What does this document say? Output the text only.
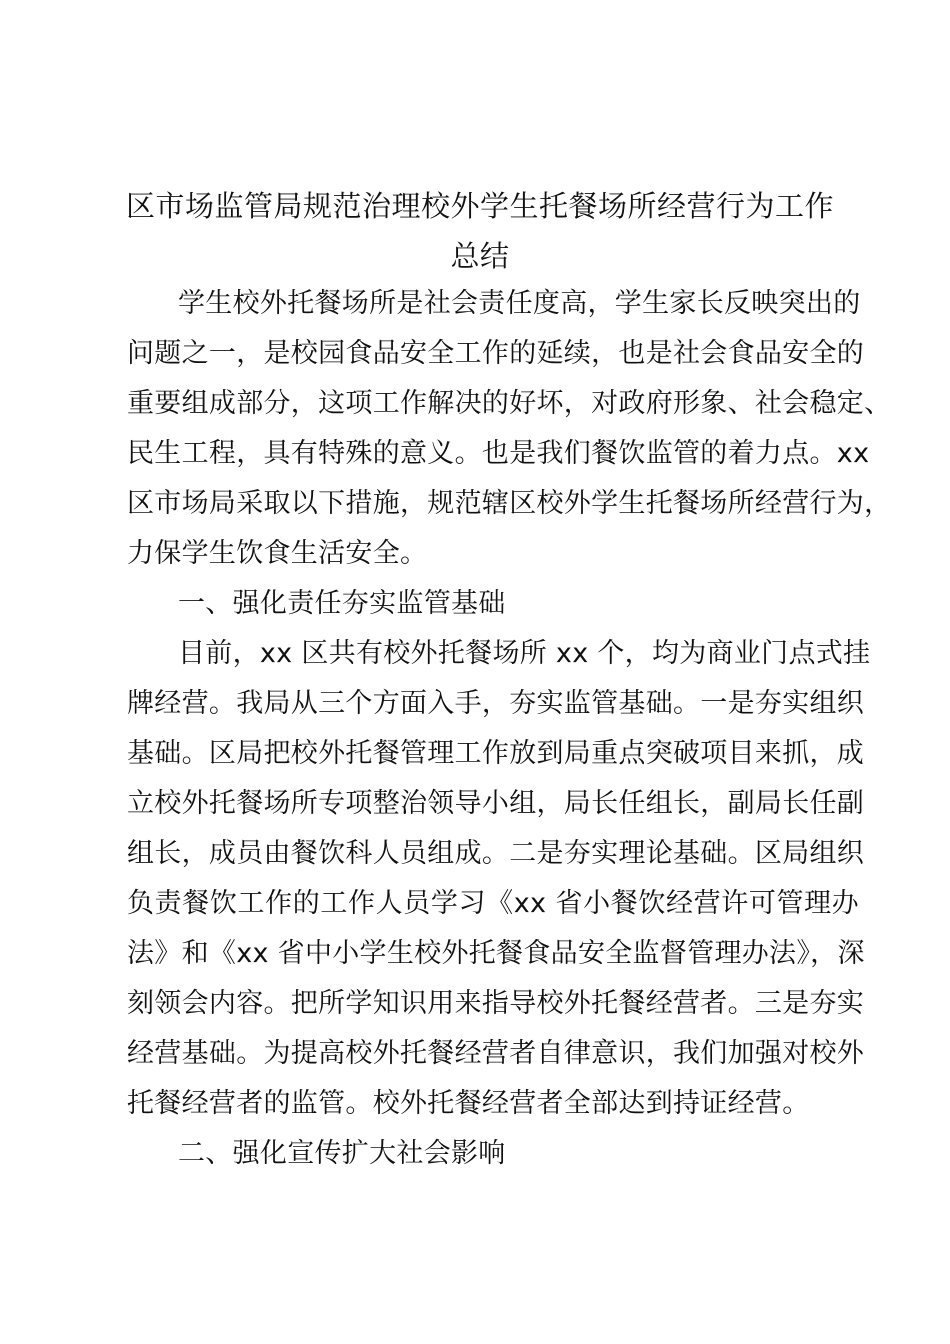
区市场监管局规范治理校外学生托餐场所经营行为工作
总结

学生校外托餐场所是社会责任度高，学生家长反映突出的

问题之一，是校园食品安全工作的延续，也是社会食品安全的

重要组成部分，这项工作解决的好坏，对政府形象、社会稳定、

民生工程，具有特殊的意义。也是我们餐饮监管的着力点。xx

区市场局采取以下措施，规范辖区校外学生托餐场所经营行为，

力保学生饮食生活安全。

一、强化责任夯实监管基础

目前，xx 区共有校外托餐场所 xx 个，均为商业门点式挂

牌经营。我局从三个方面入手，夯实监管基础。一是夯实组织

基础。区局把校外托餐管理工作放到局重点突破项目来抓，成

立校外托餐场所专项整治领导小组，局长任组长，副局长任副

组长，成员由餐饮科人员组成。二是夯实理论基础。区局组织

负责餐饮工作的工作人员学习《xx 省小餐饮经营许可管理办

法》和《xx 省中小学生校外托餐食品安全监督管理办法》，深

刻领会内容。把所学知识用来指导校外托餐经营者。三是夯实

经营基础。为提高校外托餐经营者自律意识，我们加强对校外

托餐经营者的监管。校外托餐经营者全部达到持证经营。

二、强化宣传扩大社会影响
